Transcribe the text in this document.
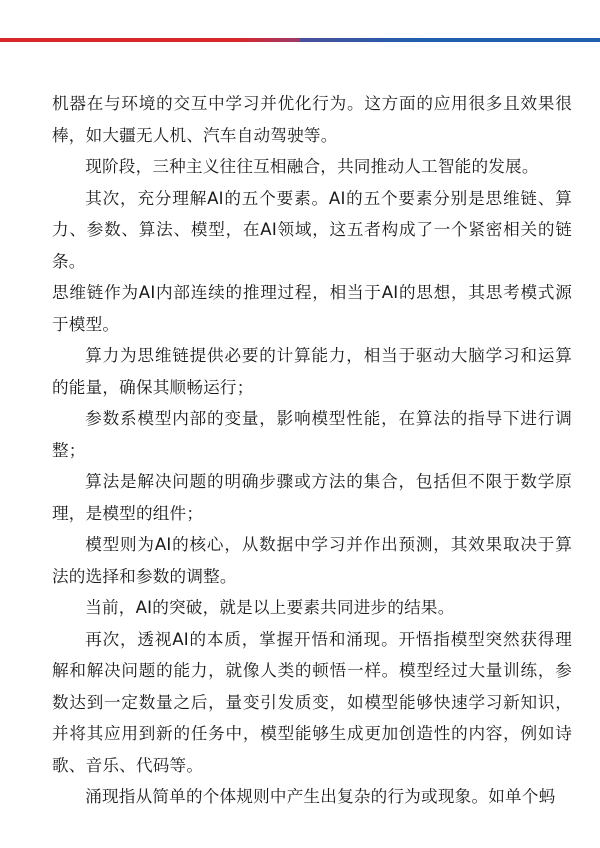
机器在与环境的交互中学习并优化行为。这方面的应用很多且效果很棒，如大疆无人机、汽车自动驾驶等。

现阶段，三种主义往往互相融合，共同推动人工智能的发展。

其次，充分理解AI的五个要素。AI的五个要素分别是思维链、算力、参数、算法、模型，在AI领域，这五者构成了一个紧密相关的链条。

思维链作为AI内部连续的推理过程，相当于AI的思想，其思考模式源于模型。

算力为思维链提供必要的计算能力，相当于驱动大脑学习和运算的能量，确保其顺畅运行；

参数系模型内部的变量，影响模型性能，在算法的指导下进行调整；

算法是解决问题的明确步骤或方法的集合，包括但不限于数学原理，是模型的组件；

模型则为AI的核心，从数据中学习并作出预测，其效果取决于算法的选择和参数的调整。

当前，AI的突破，就是以上要素共同进步的结果。

再次，透视AI的本质，掌握开悟和涌现。开悟指模型突然获得理解和解决问题的能力，就像人类的顿悟一样。模型经过大量训练，参数达到一定数量之后，量变引发质变，如模型能够快速学习新知识，并将其应用到新的任务中，模型能够生成更加创造性的内容，例如诗歌、音乐、代码等。

涌现指从简单的个体规则中产生出复杂的行为或现象。如单个蚂
